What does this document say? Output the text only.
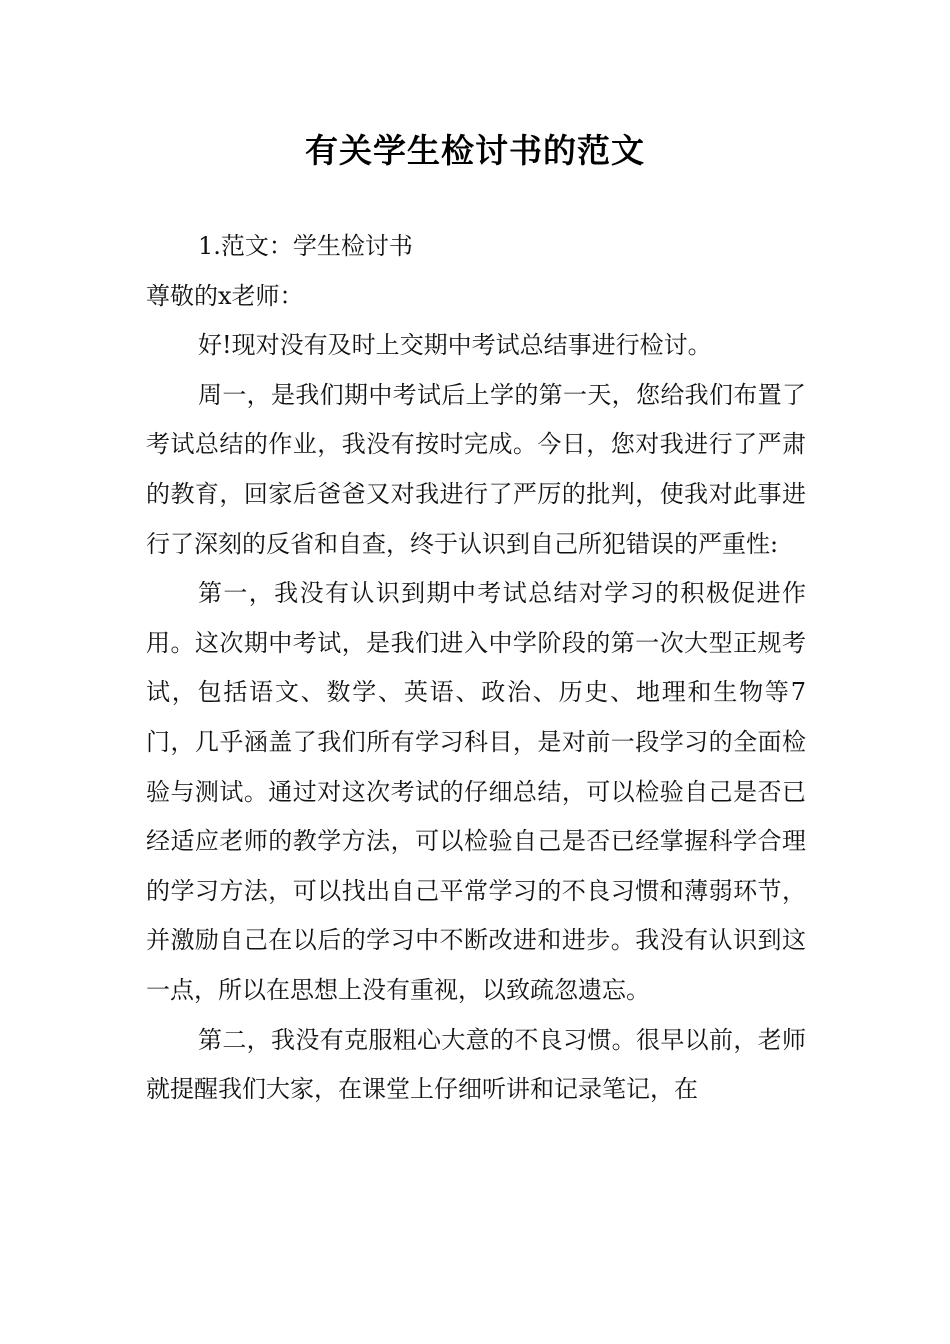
有关学生检讨书的范文

1.范文：学生检讨书

尊敬的x老师：

好!现对没有及时上交期中考试总结事进行检讨。

周一，是我们期中考试后上学的第一天，您给我们布置了考试总结的作业，我没有按时完成。今日，您对我进行了严肃的教育，回家后爸爸又对我进行了严厉的批判，使我对此事进行了深刻的反省和自查，终于认识到自己所犯错误的严重性:

第一，我没有认识到期中考试总结对学习的积极促进作用。这次期中考试，是我们进入中学阶段的第一次大型正规考试，包括语文、数学、英语、政治、历史、地理和生物等7门，几乎涵盖了我们所有学习科目，是对前一段学习的全面检验与测试。通过对这次考试的仔细总结，可以检验自己是否已经适应老师的教学方法，可以检验自己是否已经掌握科学合理的学习方法，可以找出自己平常学习的不良习惯和薄弱环节，并激励自己在以后的学习中不断改进和进步。我没有认识到这一点，所以在思想上没有重视，以致疏忽遗忘。

第二，我没有克服粗心大意的不良习惯。很早以前，老师就提醒我们大家，在课堂上仔细听讲和记录笔记，在
